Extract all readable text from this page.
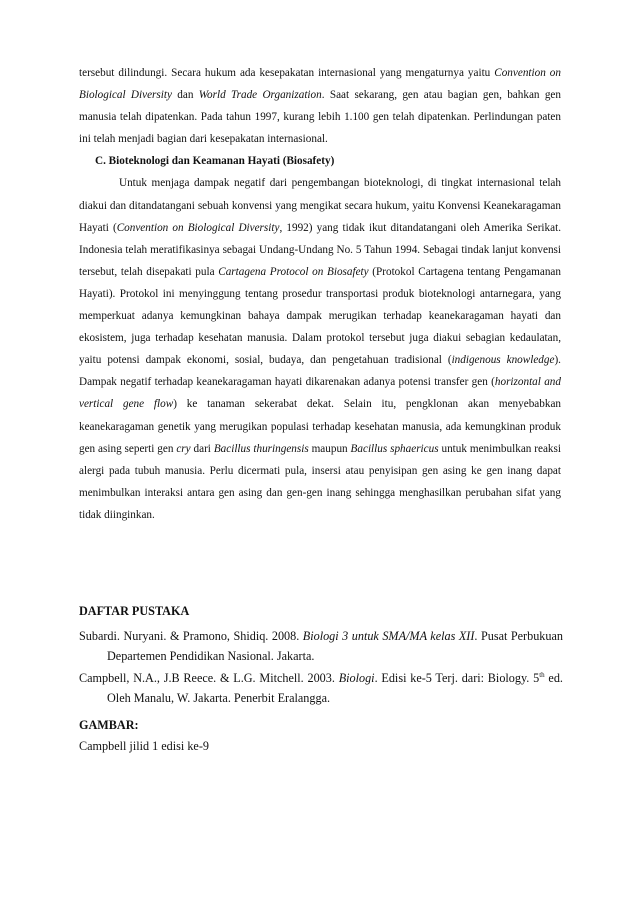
tersebut dilindungi. Secara hukum ada kesepakatan internasional yang mengaturnya yaitu Convention on Biological Diversity dan World Trade Organization. Saat sekarang, gen atau bagian gen, bahkan gen manusia telah dipatenkan. Pada tahun 1997, kurang lebih 1.100 gen telah dipatenkan. Perlindungan paten ini telah menjadi bagian dari kesepakatan internasional.

C. Bioteknologi dan Keamanan Hayati (Biosafety)

Untuk menjaga dampak negatif dari pengembangan bioteknologi, di tingkat internasional telah diakui dan ditandatangani sebuah konvensi yang mengikat secara hukum, yaitu Konvensi Keanekaragaman Hayati (Convention on Biological Diversity, 1992) yang tidak ikut ditandatangani oleh Amerika Serikat. Indonesia telah meratifikasinya sebagai Undang-Undang No. 5 Tahun 1994. Sebagai tindak lanjut konvensi tersebut, telah disepakati pula Cartagena Protocol on Biosafety (Protokol Cartagena tentang Pengamanan Hayati). Protokol ini menyinggung tentang prosedur transportasi produk bioteknologi antarnegara, yang memperkuat adanya kemungkinan bahaya dampak merugikan terhadap keanekaragaman hayati dan ekosistem, juga terhadap kesehatan manusia. Dalam protokol tersebut juga diakui sebagian kedaulatan, yaitu potensi dampak ekonomi, sosial, budaya, dan pengetahuan tradisional (indigenous knowledge). Dampak negatif terhadap keanekaragaman hayati dikarenakan adanya potensi transfer gen (horizontal and vertical gene flow) ke tanaman sekerabat dekat. Selain itu, pengklonan akan menyebabkan keanekaragaman genetik yang merugikan populasi terhadap kesehatan manusia, ada kemungkinan produk gen asing seperti gen cry dari Bacillus thuringensis maupun Bacillus sphaericus untuk menimbulkan reaksi alergi pada tubuh manusia. Perlu dicermati pula, insersi atau penyisipan gen asing ke gen inang dapat menimbulkan interaksi antara gen asing dan gen-gen inang sehingga menghasilkan perubahan sifat yang tidak diinginkan.

DAFTAR PUSTAKA

Subardi. Nuryani. & Pramono, Shidiq. 2008. Biologi 3 untuk SMA/MA kelas XII. Pusat Perbukuan Departemen Pendidikan Nasional. Jakarta.

Campbell, N.A., J.B Reece. & L.G. Mitchell. 2003. Biologi. Edisi ke-5 Terj. dari: Biology. 5th ed. Oleh Manalu, W. Jakarta. Penerbit Eralangga.

GAMBAR:

Campbell jilid 1 edisi ke-9
